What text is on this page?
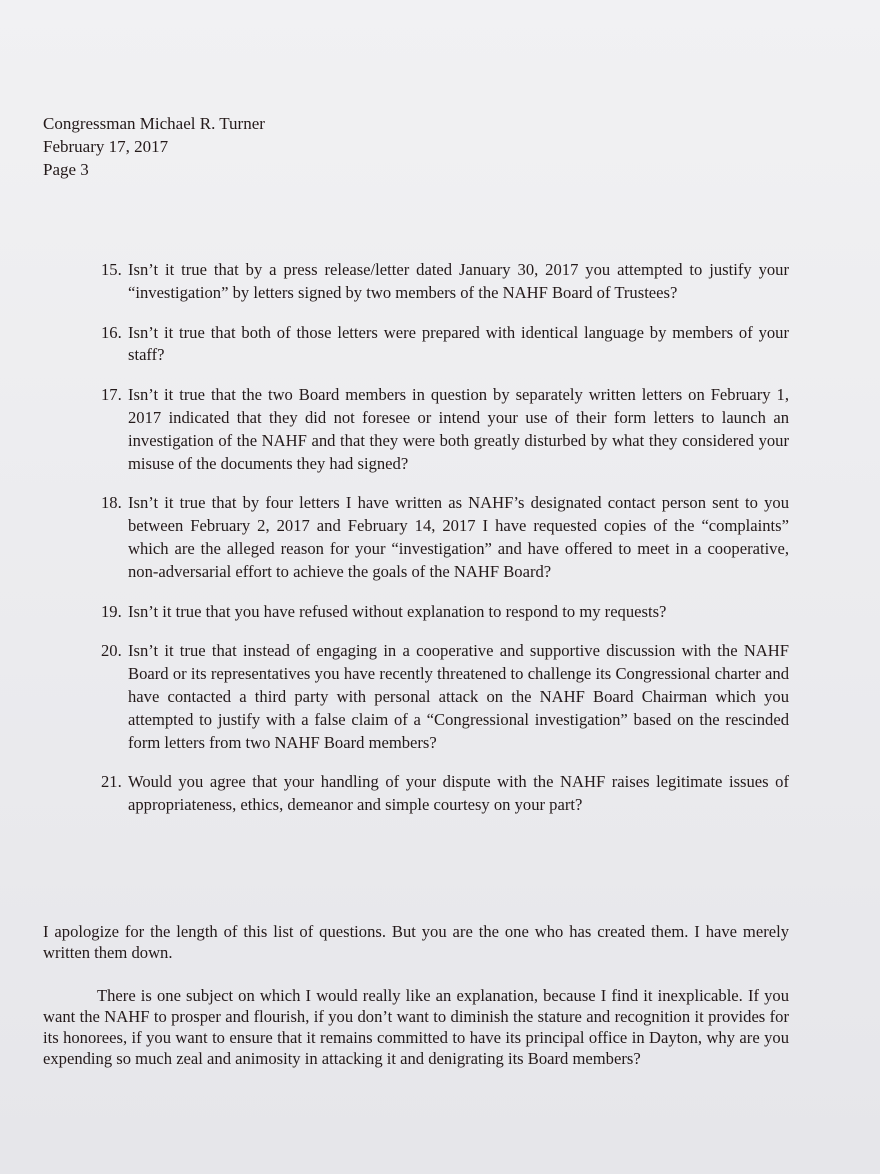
Congressman Michael R. Turner
February 17, 2017
Page 3
15. Isn’t it true that by a press release/letter dated January 30, 2017 you attempted to justify your “investigation” by letters signed by two members of the NAHF Board of Trustees?
16. Isn’t it true that both of those letters were prepared with identical language by members of your staff?
17. Isn’t it true that the two Board members in question by separately written letters on February 1, 2017 indicated that they did not foresee or intend your use of their form letters to launch an investigation of the NAHF and that they were both greatly disturbed by what they considered your misuse of the documents they had signed?
18. Isn’t it true that by four letters I have written as NAHF’s designated contact person sent to you between February 2, 2017 and February 14, 2017 I have requested copies of the “complaints” which are the alleged reason for your “investigation” and have offered to meet in a cooperative, non-adversarial effort to achieve the goals of the NAHF Board?
19. Isn’t it true that you have refused without explanation to respond to my requests?
20. Isn’t it true that instead of engaging in a cooperative and supportive discussion with the NAHF Board or its representatives you have recently threatened to challenge its Congressional charter and have contacted a third party with personal attack on the NAHF Board Chairman which you attempted to justify with a false claim of a “Congressional investigation” based on the rescinded form letters from two NAHF Board members?
21. Would you agree that your handling of your dispute with the NAHF raises legitimate issues of appropriateness, ethics, demeanor and simple courtesy on your part?

I apologize for the length of this list of questions. But you are the one who has created them. I have merely written them down.

There is one subject on which I would really like an explanation, because I find it inexplicable. If you want the NAHF to prosper and flourish, if you don’t want to diminish the stature and recognition it provides for its honorees, if you want to ensure that it remains committed to have its principal office in Dayton, why are you expending so much zeal and animosity in attacking it and denigrating its Board members?
